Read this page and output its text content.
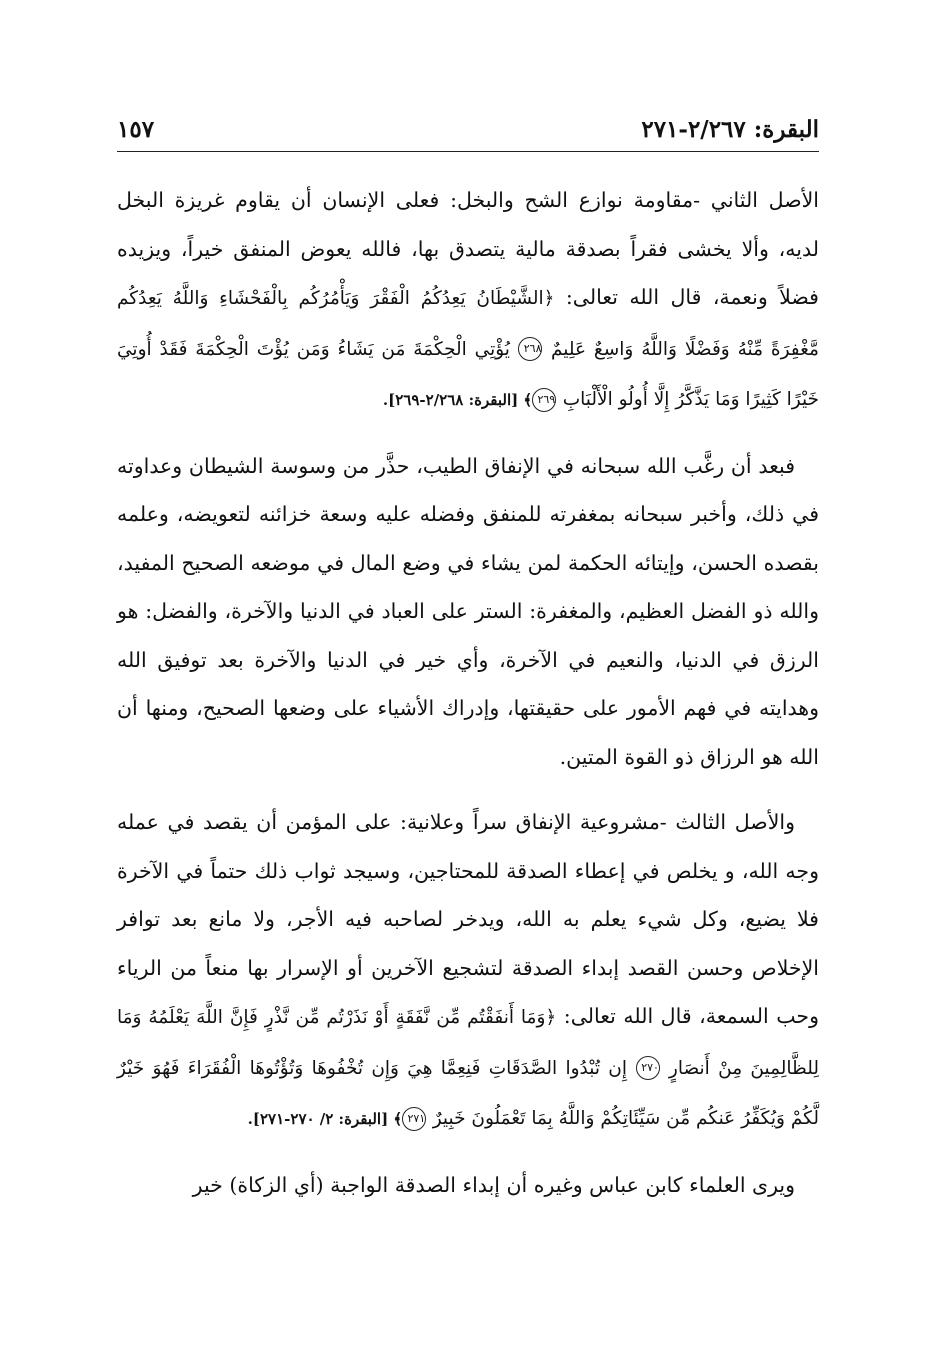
البقرة: ٢/٢٦٧-٢٧١
١٥٧

الأصل الثاني -مقاومة نوازع الشح والبخل: فعلى الإنسان أن يقاوم غريزة البخل لديه، وألا يخشى فقراً بصدقة مالية يتصدق بها، فالله يعوض المنفق خيراً، ويزيده فضلاً ونعمة، قال الله تعالى: ﴿الشَّيْطَانُ يَعِدُكُمُ الْفَقْرَ وَيَأْمُرُكُم بِالْفَحْشَاءِ وَاللَّهُ يَعِدُكُم مَّغْفِرَةً مِّنْهُ وَفَضْلًا وَاللَّهُ وَاسِعٌ عَلِيمٌ ٢٦٨ يُؤْتِي الْحِكْمَةَ مَن يَشَاءُ وَمَن يُؤْتَ الْحِكْمَةَ فَقَدْ أُوتِيَ خَيْرًا كَثِيرًا وَمَا يَذَّكَّرُ إِلَّا أُولُو الْأَلْبَابِ ٢٦٩﴾ [البقرة: ٢/٢٦٨-٢٦٩].

فبعد أن رغَّب الله سبحانه في الإنفاق الطيب، حذَّر من وسوسة الشيطان وعداوته في ذلك، وأخبر سبحانه بمغفرته للمنفق وفضله عليه وسعة خزائنه لتعويضه، وعلمه بقصده الحسن، وإيتائه الحكمة لمن يشاء في وضع المال في موضعه الصحيح المفيد، والله ذو الفضل العظيم، والمغفرة: الستر على العباد في الدنيا والآخرة، والفضل: هو الرزق في الدنيا، والنعيم في الآخرة، وأي خير في الدنيا والآخرة بعد توفيق الله وهدايته في فهم الأمور على حقيقتها، وإدراك الأشياء على وضعها الصحيح، ومنها أن الله هو الرزاق ذو القوة المتين.

والأصل الثالث -مشروعية الإنفاق سراً وعلانية: على المؤمن أن يقصد في عمله وجه الله، و يخلص في إعطاء الصدقة للمحتاجين، وسيجد ثواب ذلك حتماً في الآخرة فلا يضيع، وكل شيء يعلم به الله، ويدخر لصاحبه فيه الأجر، ولا مانع بعد توافر الإخلاص وحسن القصد إبداء الصدقة لتشجيع الآخرين أو الإسرار بها منعاً من الرياء وحب السمعة، قال الله تعالى: ﴿وَمَا أَنفَقْتُم مِّن نَّفَقَةٍ أَوْ نَذَرْتُم مِّن نَّذْرٍ فَإِنَّ اللَّهَ يَعْلَمُهُ وَمَا لِلظَّالِمِينَ مِنْ أَنصَارٍ ٢٧٠ إِن تُبْدُوا الصَّدَقَاتِ فَنِعِمَّا هِيَ وَإِن تُخْفُوهَا وَتُؤْتُوهَا الْفُقَرَاءَ فَهُوَ خَيْرٌ لَّكُمْ وَيُكَفِّرُ عَنكُم مِّن سَيِّئَاتِكُمْ وَاللَّهُ بِمَا تَعْمَلُونَ خَبِيرٌ ٢٧١﴾ [البقرة: ٢/ ٢٧٠-٢٧١].

ويرى العلماء كابن عباس وغيره أن إبداء الصدقة الواجبة (أي الزكاة) خير
